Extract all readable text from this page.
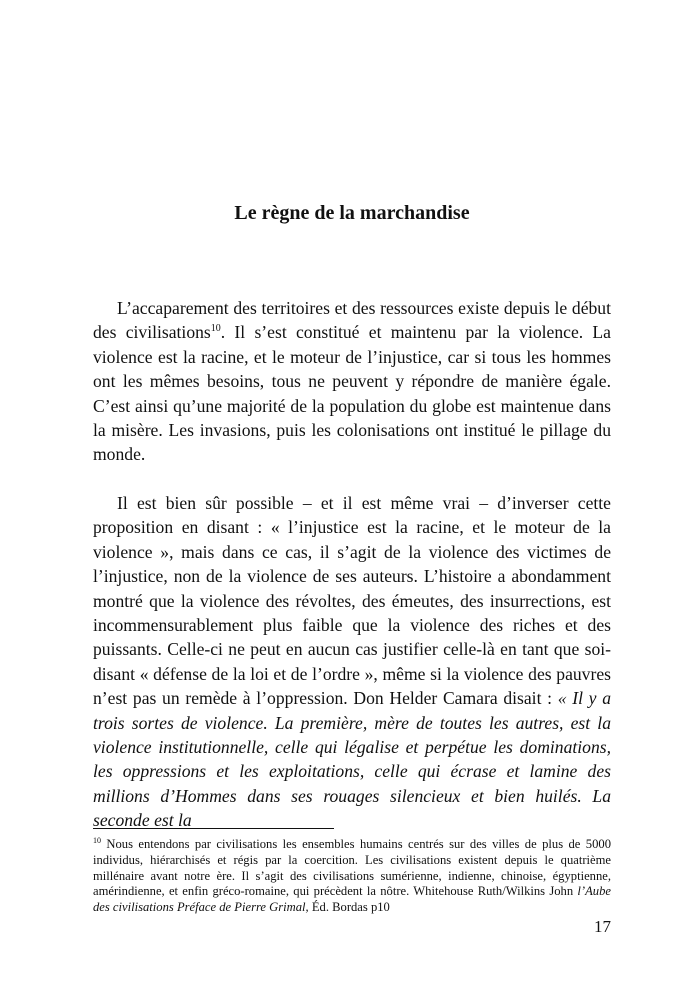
Le règne de la marchandise

L’accaparement des territoires et des ressources existe depuis le début des civilisations$^{10}$. Il s’est constitué et maintenu par la violence. La violence est la racine, et le moteur de l’injustice, car si tous les hommes ont les mêmes besoins, tous ne peuvent y répondre de manière égale. C’est ainsi qu’une majorité de la population du globe est maintenue dans la misère. Les invasions, puis les colonisations ont institué le pillage du monde.

Il est bien sûr possible – et il est même vrai – d’inverser cette proposition en disant : « l’injustice est la racine, et le moteur de la violence », mais dans ce cas, il s’agit de la violence des victimes de l’injustice, non de la violence de ses auteurs. L’histoire a abondamment montré que la violence des révoltes, des émeutes, des insurrections, est incommensurablement plus faible que la violence des riches et des puissants. Celle-ci ne peut en aucun cas justifier celle-là en tant que soi-disant « défense de la loi et de l’ordre », même si la violence des pauvres n’est pas un remède à l’oppression. Don Helder Camara disait : « Il y a trois sortes de violence. La première, mère de toutes les autres, est la violence institutionnelle, celle qui légalise et perpétue les dominations, les oppressions et les exploitations, celle qui écrase et lamine des millions d’Hommes dans ses rouages silencieux et bien huilés. La seconde est la

$^{10}$ Nous entendons par civilisations les ensembles humains centrés sur des villes de plus de 5000 individus, hiérarchisés et régis par la coercition. Les civilisations existent depuis le quatrième millénaire avant notre ère. Il s’agit des civilisations sumérienne, indienne, chinoise, égyptienne, amérindienne, et enfin gréco-romaine, qui précèdent la nôtre. Whitehouse Ruth/Wilkins John l’Aube des civilisations Préface de Pierre Grimal, Éd. Bordas p10

17
